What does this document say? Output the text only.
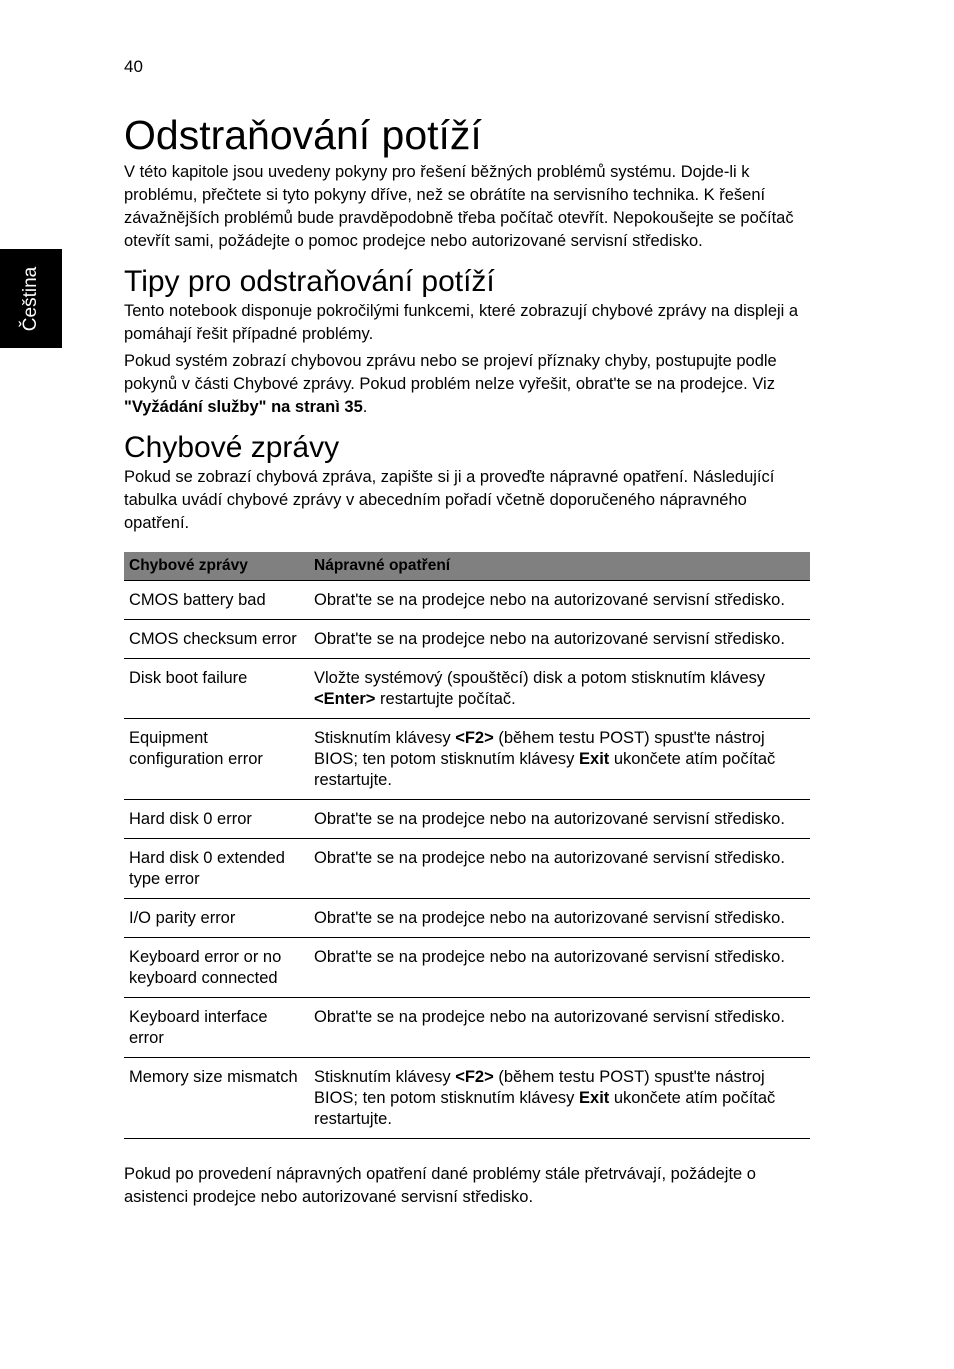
40
Čeština
Odstraňování potíží

V této kapitole jsou uvedeny pokyny pro řešení běžných problémů systému. Dojde-li k problému, přečtete si tyto pokyny dříve, než se obrátíte na servisního technika. K řešení závažnějších problémů bude pravděpodobně třeba počítač otevřít. Nepokoušejte se počítač otevřít sami, požádejte o pomoc prodejce nebo autorizované servisní středisko.

Tipy pro odstraňování potíží

Tento notebook disponuje pokročilými funkcemi, které zobrazují chybové zprávy na displeji a pomáhají řešit případné problémy.

Pokud systém zobrazí chybovou zprávu nebo se projeví příznaky chyby, postupujte podle pokynů v části Chybové zprávy. Pokud problém nelze vyřešit, obrat'te se na prodejce. Viz "Vyžádání služby" na stranì 35.

Chybové zprávy

Pokud se zobrazí chybová zpráva, zapište si ji a proveďte nápravné opatření. Následující tabulka uvádí chybové zprávy v abecedním pořadí včetně doporučeného nápravného opatření.

Chybové zprávy	Nápravné opatření
CMOS battery bad	Obrat'te se na prodejce nebo na autorizované servisní středisko.
CMOS checksum error	Obrat'te se na prodejce nebo na autorizované servisní středisko.
Disk boot failure	Vložte systémový (spouštěcí) disk a potom stisknutím klávesy <Enter> restartujte počítač.
Equipment configuration error	Stisknutím klávesy <F2> (během testu POST) spust'te nástroj BIOS; ten potom stisknutím klávesy Exit ukončete atím počítač restartujte.
Hard disk 0 error	Obrat'te se na prodejce nebo na autorizované servisní středisko.
Hard disk 0 extended type error	Obrat'te se na prodejce nebo na autorizované servisní středisko.
I/O parity error	Obrat'te se na prodejce nebo na autorizované servisní středisko.
Keyboard error or no keyboard connected	Obrat'te se na prodejce nebo na autorizované servisní středisko.
Keyboard interface error	Obrat'te se na prodejce nebo na autorizované servisní středisko.
Memory size mismatch	Stisknutím klávesy <F2> (během testu POST) spust'te nástroj BIOS; ten potom stisknutím klávesy Exit ukončete atím počítač restartujte.

Pokud po provedení nápravných opatření dané problémy stále přetrvávají, požádejte o asistenci prodejce nebo autorizované servisní středisko.
